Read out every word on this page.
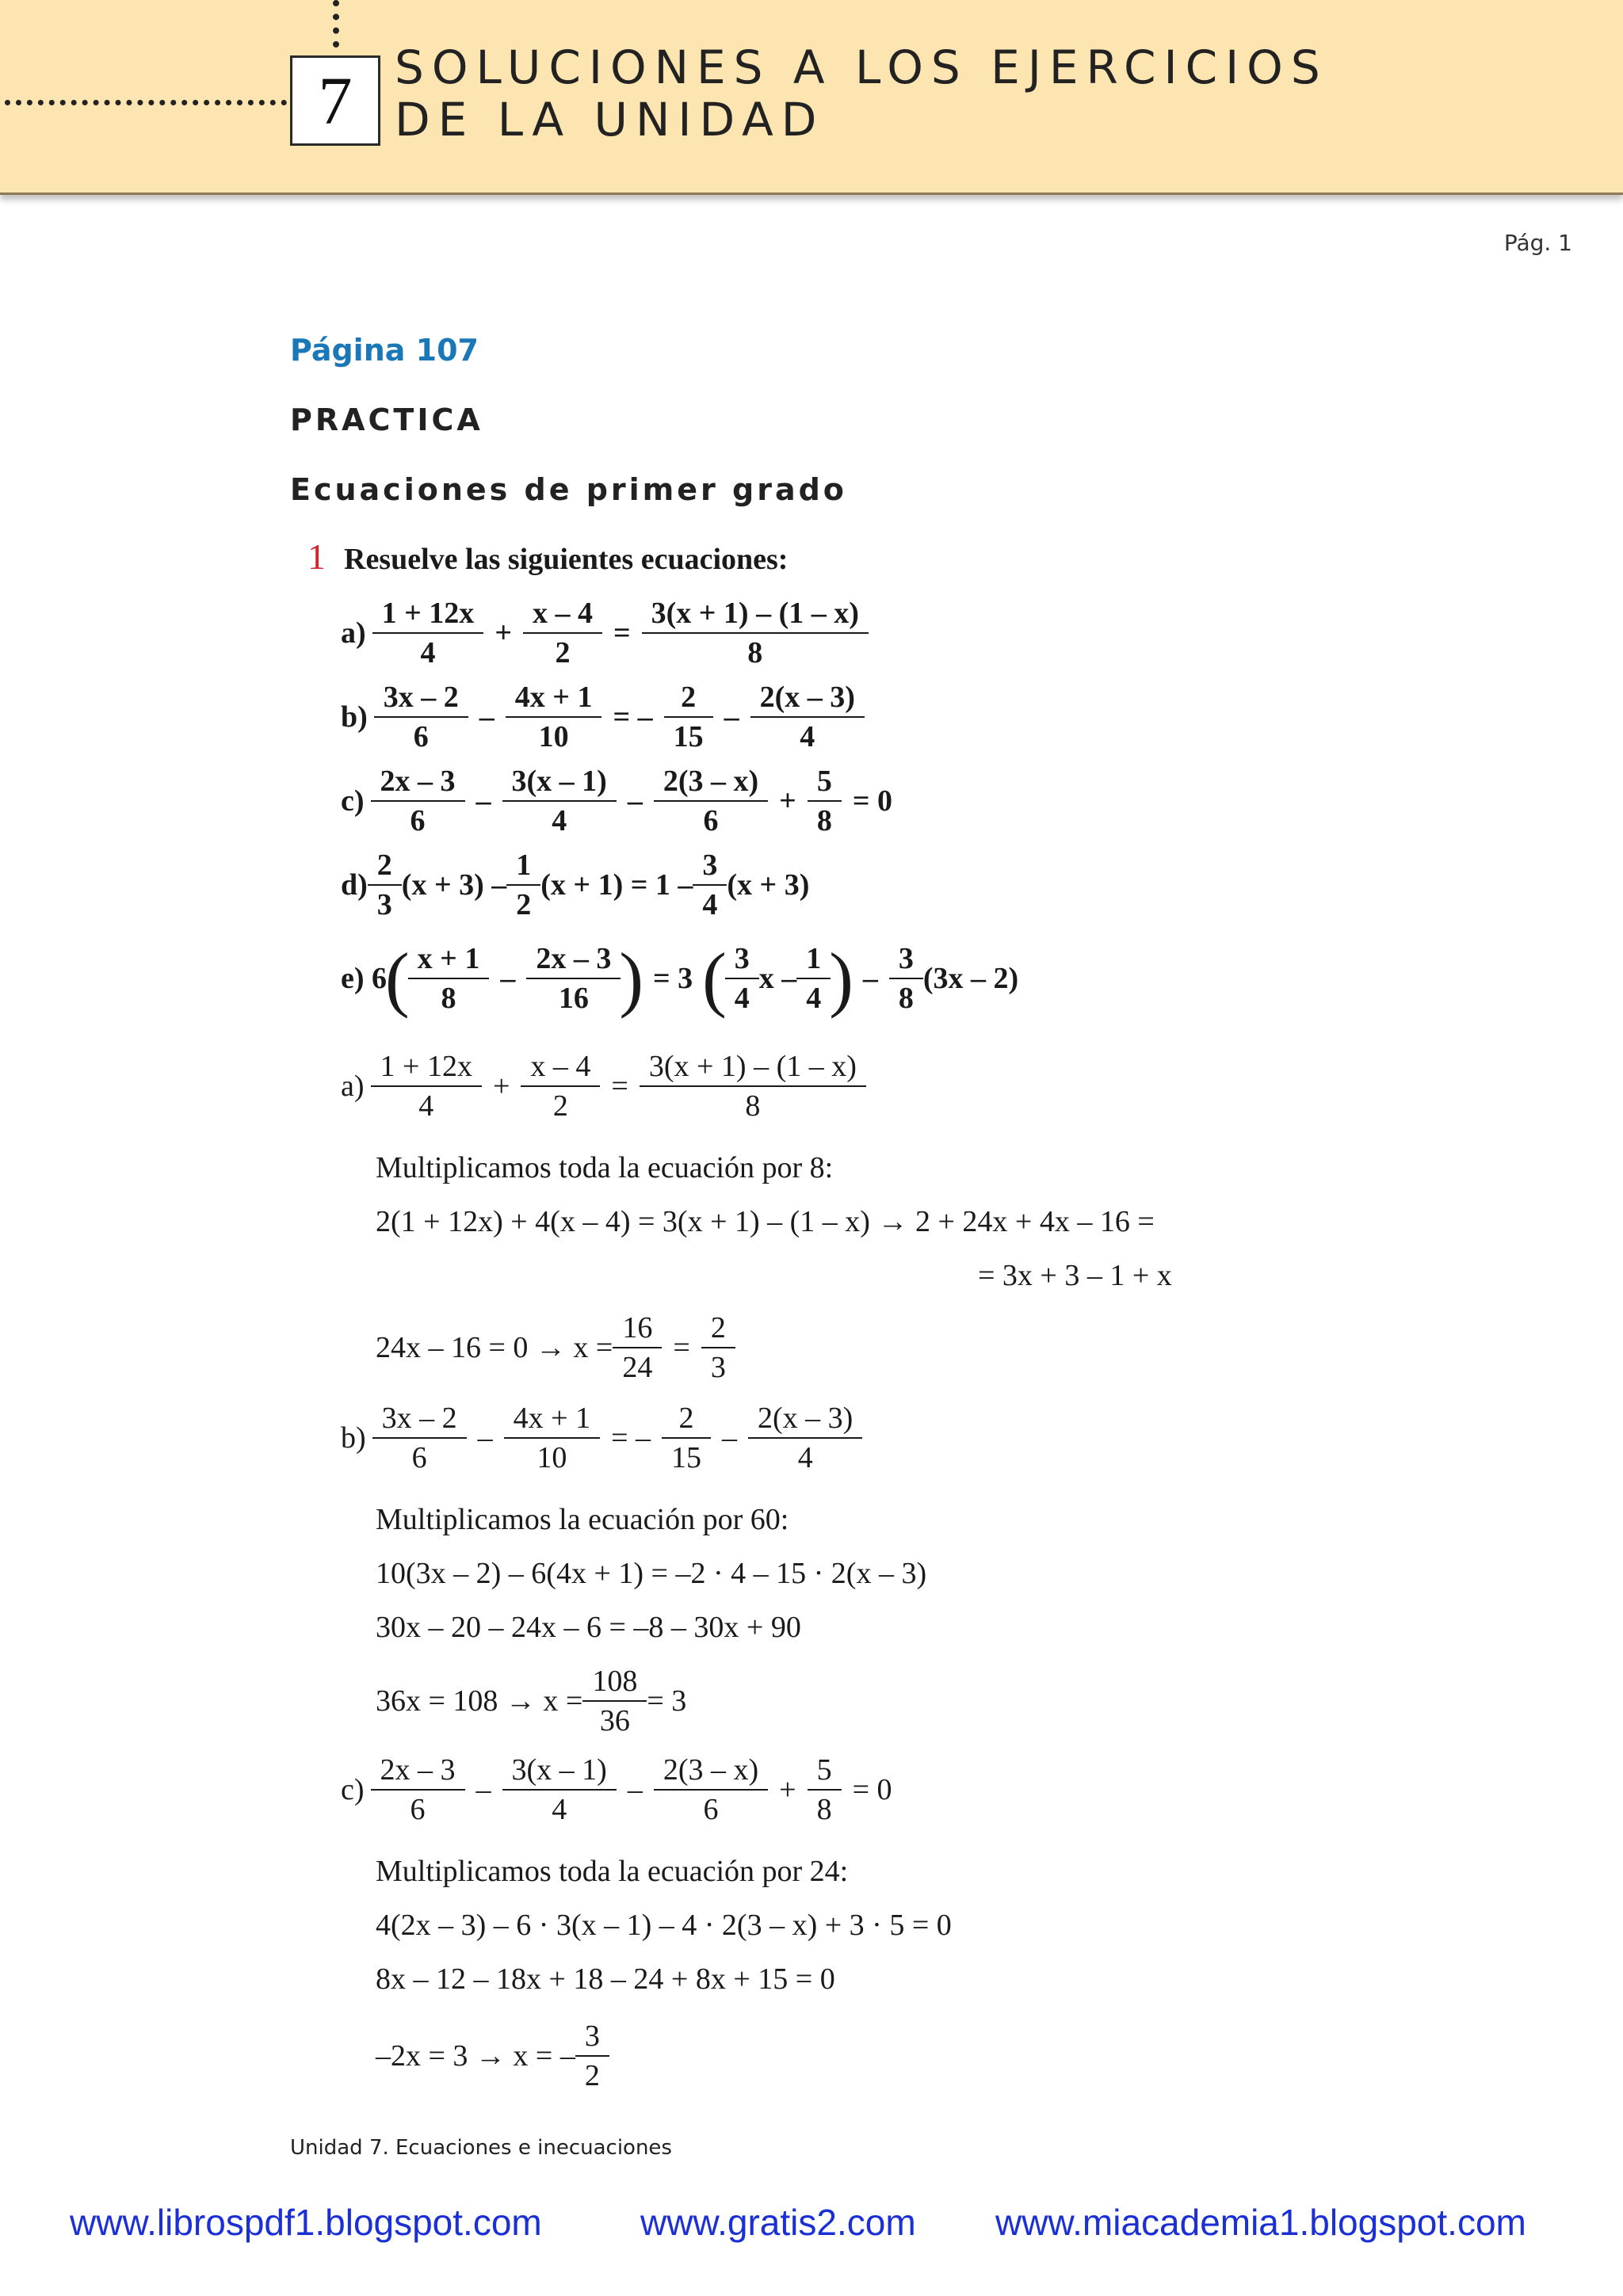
7 SOLUCIONES A LOS EJERCICIOS
DE LA UNIDAD
Pág. 1
Página 107
PRACTICA
Ecuaciones de primer grado
1 Resuelve las siguientes ecuaciones:
$a) \frac{1 + 12x}{4} + \frac{x - 4}{2} = \frac{3(x + 1) - (1 - x)}{8}$
$b) \frac{3x - 2}{6} - \frac{4x + 1}{10}$ = – $\frac{2}{15} - \frac{2(x - 3)}{4}$
$c) \frac{2x - 3}{6} - \frac{3(x - 1)}{4} - \frac{2(3 - x)}{6} + \frac{5}{8} = 0$
$d) \frac{2}{3} (x + 3) - \frac{1}{2} (x + 1) = 1 - \frac{3}{4} (x + 3)$
e) 6
( $\frac{x + 1}{8} - \frac{2x - 3}{16}$ ) = 3 ( $\frac{3}{4}$ x – $\frac{1}{4}$ ) – $\frac{3}{8} (3x - 2)$
$a) \frac{1 + 12x}{4} + \frac{x - 4}{2} = \frac{3(x + 1) - (1 - x)}{8}$
Multiplicamos toda la ecuación por 8:
2(1 + 12x) + 4(x – 4) = 3(x + 1) – (1 – x) → 2 + 24x + 4x – 16 =
= 3x + 3 – 1 + x
$24x - 16 = 0 \to x = \frac{16}{24} = \frac{2}{3}$
$b) \frac{3x - 2}{6} - \frac{4x + 1}{10}$ = – $\frac{2}{15} - \frac{2(x - 3)}{4}$
Multiplicamos la ecuación por 60:
10(3x – 2) – 6(4x + 1) = –2 · 4 – 15 · 2(x – 3)
30x – 20 – 24x – 6 = –8 – 30x + 90
$36x = 108 \to x = \frac{108}{36} = 3$
$c) \frac{2x - 3}{6} - \frac{3(x - 1)}{4} - \frac{2(3 - x)}{6} + \frac{5}{8} = 0$
Multiplicamos toda la ecuación por 24:
4(2x – 3) – 6 · 3(x – 1) – 4 · 2(3 – x) + 3 · 5 = 0
8x – 12 – 18x + 18 – 24 + 8x + 15 = 0
–2x = 3 → x = – $\frac{3}{2}$
Unidad 7. Ecuaciones e inecuaciones
www.librospdf1.blogspot.com	www.gratis2.com www.miacademia1.blogspot.com
